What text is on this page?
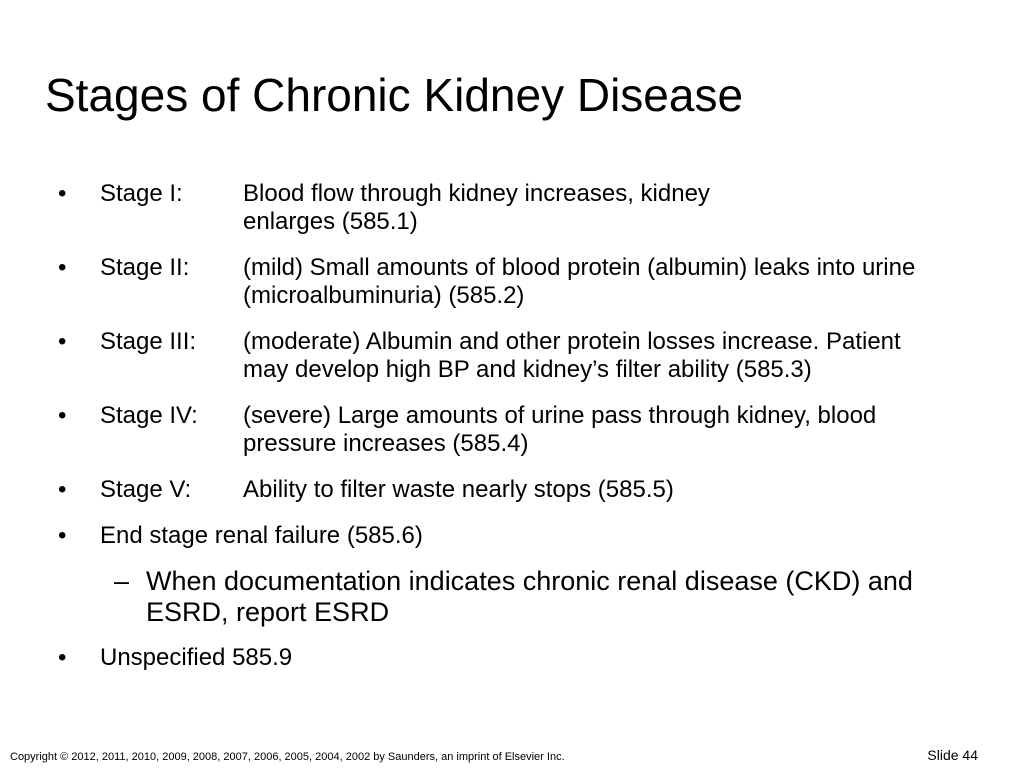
Stages of Chronic Kidney Disease
•	Stage I:	Blood flow through kidney increases, kidney enlarges (585.1)
•	Stage II:	(mild) Small amounts of blood protein (albumin) leaks into urine (microalbuminuria) (585.2)
•	Stage III:	(moderate) Albumin and other protein losses increase. Patient may develop high BP and kidney’s filter ability (585.3)
•	Stage IV:	(severe) Large amounts of urine pass through kidney, blood pressure increases (585.4)
•	Stage V:	Ability to filter waste nearly stops (585.5)
•	End stage renal failure (585.6)
– When documentation indicates chronic renal disease (CKD) and ESRD, report ESRD
•	Unspecified 585.9
Copyright © 2012, 2011, 2010, 2009, 2008, 2007, 2006, 2005, 2004, 2002 by Saunders, an imprint of Elsevier Inc.	Slide 44
